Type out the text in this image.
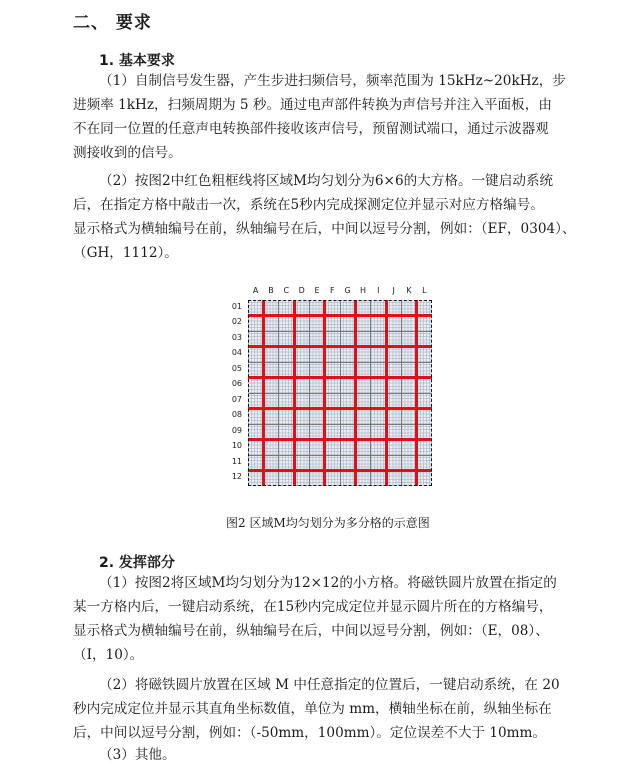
二、 要求
1. 基本要求
（1）自制信号发生器，产生步进扫频信号，频率范围为 15kHz~20kHz，步
进频率 1kHz，扫频周期为 5 秒。通过电声部件转换为声信号并注入平面板，由
不在同一位置的任意声电转换部件接收该声信号，预留测试端口，通过示波器观
测接收到的信号。
（2）按图2中红色粗框线将区域M均匀划分为6×6的大方格。一键启动系统
后，在指定方格中敲击一次，系统在5秒内完成探测定位并显示对应方格编号。
显示格式为横轴编号在前，纵轴编号在后，中间以逗号分割，例如：（EF，0304）、
（GH，1112）。
A	B	C	D	E	F	G	H	I	J	K	L
01
02
03
04
05
06
07
08
09
10
11
12
图2 区域M均匀划分为多分格的示意图
2. 发挥部分
（1）按图2将区域M均匀划分为12×12的小方格。将磁铁圆片放置在指定的
某一方格内后，一键启动系统，在15秒内完成定位并显示圆片所在的方格编号，
显示格式为横轴编号在前，纵轴编号在后，中间以逗号分割，例如：（E，08）、
（I，10）。
（2）将磁铁圆片放置在区域 M 中任意指定的位置后，一键启动系统，在 20
秒内完成定位并显示其直角坐标数值，单位为 mm，横轴坐标在前，纵轴坐标在
后，中间以逗号分割，例如：（-50mm，100mm）。定位误差不大于 10mm。
（3）其他。
